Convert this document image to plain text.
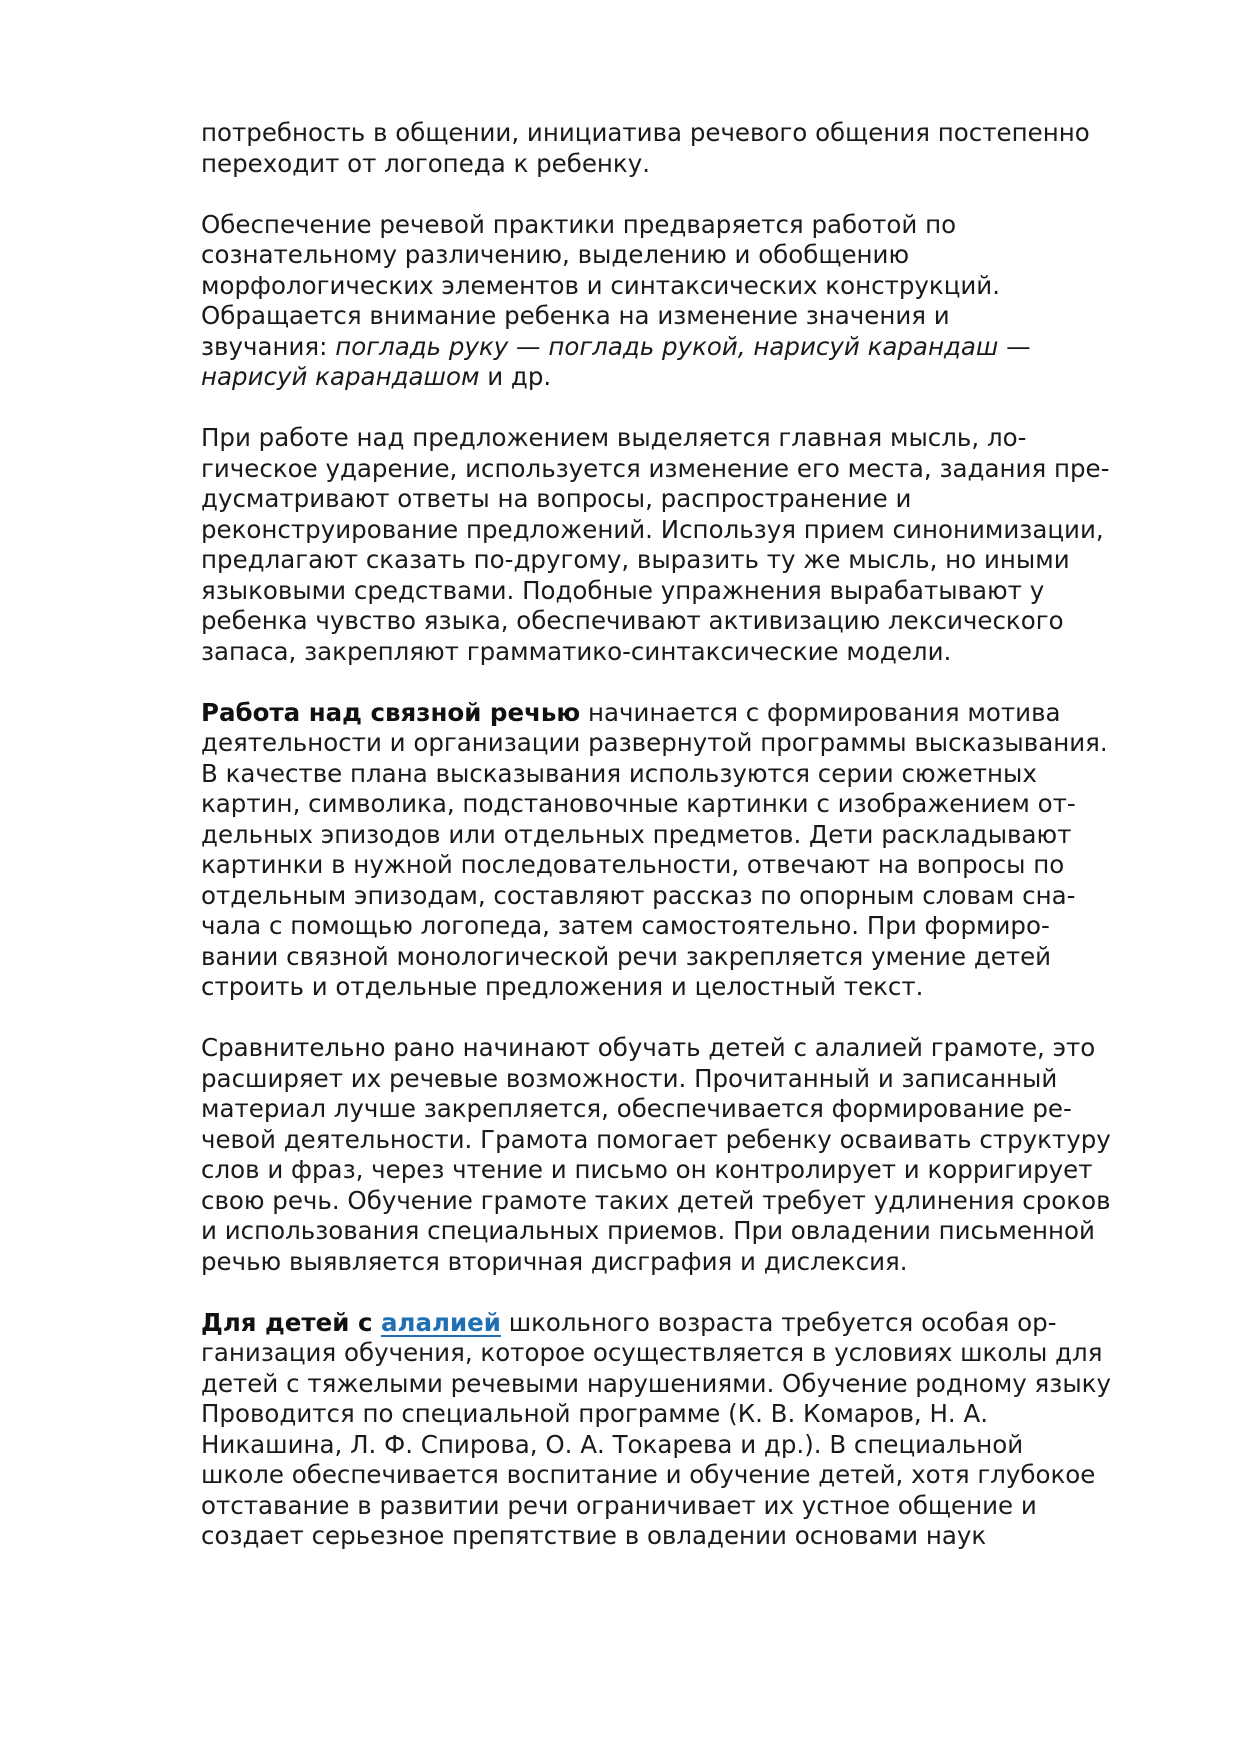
потребность в общении, инициатива речевого общения постепенно
переходит от логопеда к ребенку.

Обеспечение речевой практики предваряется работой по
сознательному различению, выделению и обобщению
морфологических элементов и синтаксических конструкций.
Обращается внимание ребенка на изменение значения и
звучания: погладь руку — погладь рукой, нарисуй карандаш —
нарисуй карандашом и др.

При работе над предложением выделяется главная мысль, ло-
гическое ударение, используется изменение его места, задания пре-
дусматривают ответы на вопросы, распространение и
реконструирование предложений. Используя прием синонимизации,
предлагают сказать по-другому, выразить ту же мысль, но иными
языковыми средствами. Подобные упражнения вырабатывают у
ребенка чувство языка, обеспечивают активизацию лексического
запаса, закрепляют грамматико-синтаксические модели.

Работа над связной речью начинается с формирования мотива
деятельности и организации развернутой программы высказывания.
В качестве плана высказывания используются серии сюжетных
картин, символика, подстановочные картинки с изображением от-
дельных эпизодов или отдельных предметов. Дети раскладывают
картинки в нужной последовательности, отвечают на вопросы по
отдельным эпизодам, составляют рассказ по опорным словам сна-
чала с помощью логопеда, затем самостоятельно. При формиро-
вании связной монологической речи закрепляется умение детей
строить и отдельные предложения и целостный текст.

Сравнительно рано начинают обучать детей с алалией грамоте, это
расширяет их речевые возможности. Прочитанный и записанный
материал лучше закрепляется, обеспечивается формирование ре-
чевой деятельности. Грамота помогает ребенку осваивать структуру
слов и фраз, через чтение и письмо он контролирует и корригирует
свою речь. Обучение грамоте таких детей требует удлинения сроков
и использования специальных приемов. При овладении письменной
речью выявляется вторичная дисграфия и дислексия.

Для детей с алалией школьного возраста требуется особая ор-
ганизация обучения, которое осуществляется в условиях школы для
детей с тяжелыми речевыми нарушениями. Обучение родному языку
Проводится по специальной программе (К. В. Комаров, Н. А.
Никашина, Л. Ф. Спирова, О. А. Токарева и др.). В специальной
школе обеспечивается воспитание и обучение детей, хотя глубокое
отставание в развитии речи ограничивает их устное общение и
создает серьезное препятствие в овладении основами наук
